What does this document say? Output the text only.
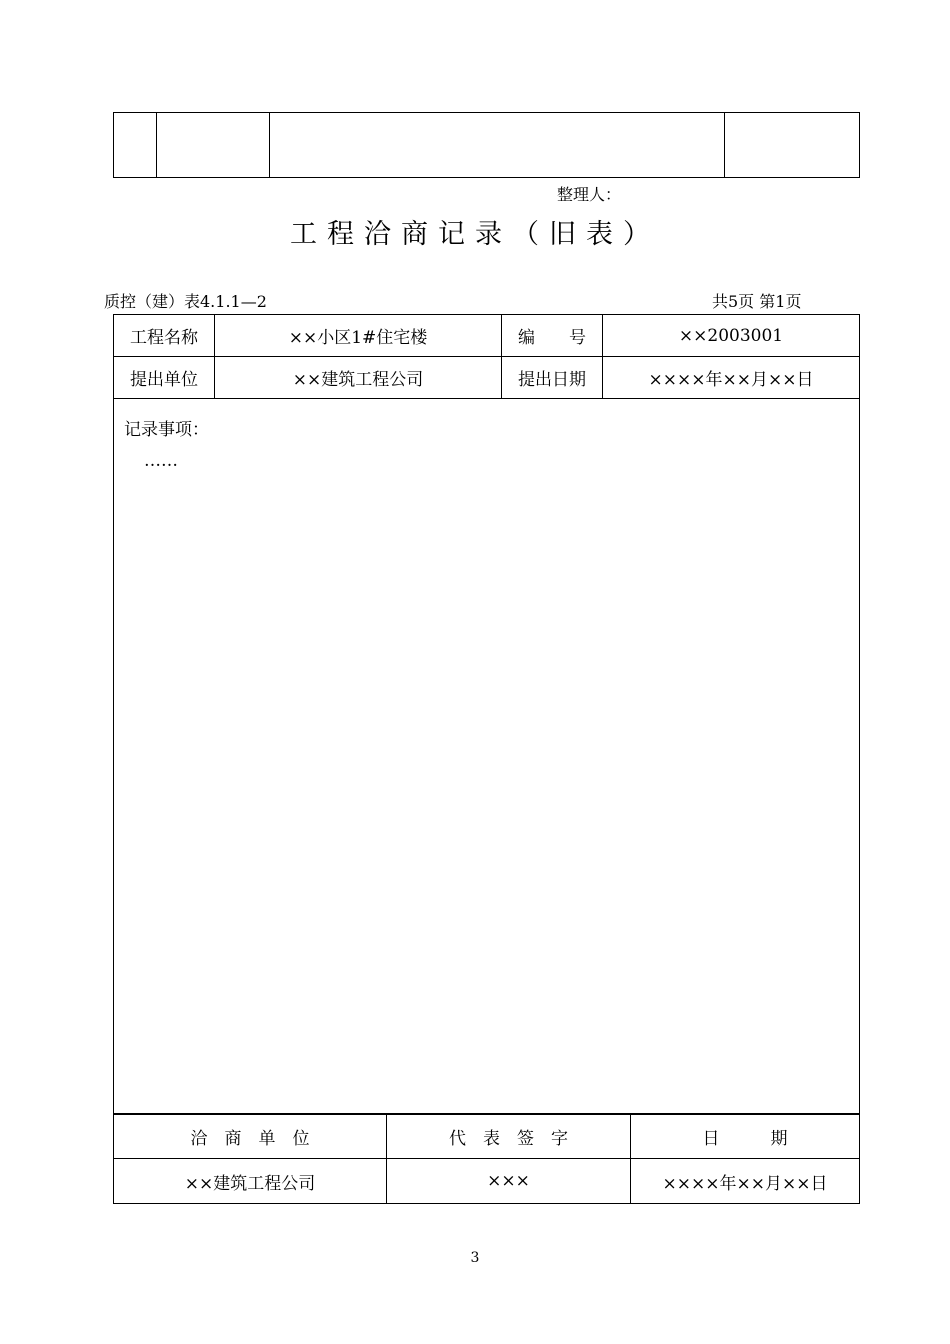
整理人：
工程洽商记录（旧表）
质控（建）表4.1.1—2	共5页 第1页
工程名称	××小区1#住宅楼	编　　号	××2003001
提出单位	××建筑工程公司	提出日期	××××年××月××日

记录事项：
……			
洽　商　单　位	代　表　签　字	日　　　期
××建筑工程公司	×××	××××年××月××日
3
